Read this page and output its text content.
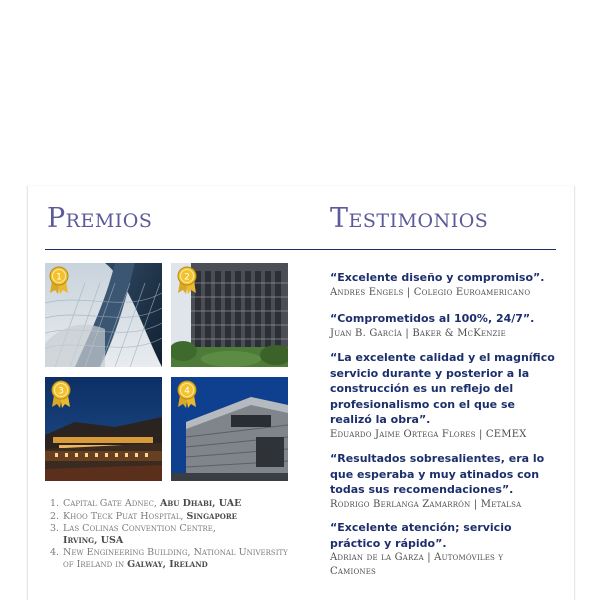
Premios	Testimonios
1	2
3	4
1. Capital Gate Adnec, Abu Dhabi, UAE
2. Khoo Teck Puat Hospital, Singapore
3. Las Colinas Convention Centre,
Irving, USA
4. New Engineering Building, National University of Ireland in Galway, Ireland

“Excelente diseño y compromiso”.

Andres Engels | Colegio Euroamericano

“Comprometidos al 100%, 24/7”.

Juan B. García | Baker & McKenzie

“La excelente calidad y el magnífico servicio durante y posterior a la construcción es un reflejo del profesionalismo con el que se realizó la obra”.

Eduardo Jaime Ortega Flores | CEMEX

“Resultados sobresalientes, era lo que esperaba y muy atinados con todas sus recomendaciones”.

Rodrigo Berlanga Zamarrón | Metalsa

“Excelente atención; servicio práctico y rápido”.

Adrian de la Garza | Automóviles y Camiones
